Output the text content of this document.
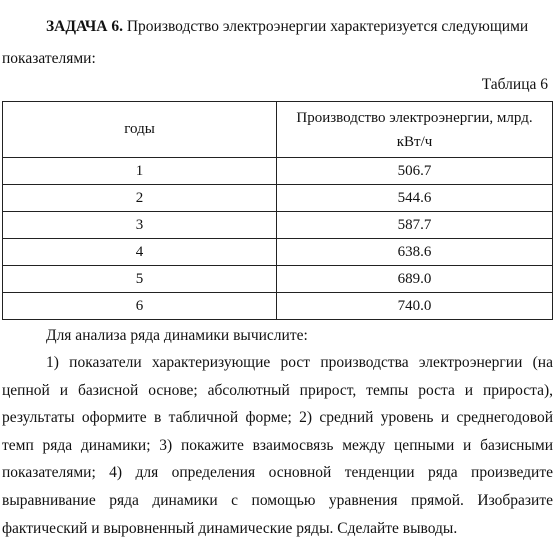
ЗАДАЧА 6. Производство электроэнергии характеризуется следующими
показателями:
Таблица 6
годы	Производство электроэнергии, млрд.
кВт/ч

1	506.7
2	544.6
3	587.7
4	638.6
5	689.0
6	740.0
Для анализа ряда динамики вычислите:
1) показатели характеризующие рост производства электроэнергии (на цепной и базисной основе; абсолютный прирост, темпы роста и прироста), результаты оформите в табличной форме; 2) средний уровень и среднегодовой темп ряда динамики; 3) покажите взаимосвязь между цепными и базисными показателями; 4) для определения основной тенденции ряда произведите выравнивание ряда динамики с помощью уравнения прямой. Изобразите фактический и выровненный динамические ряды. Сделайте выводы.
